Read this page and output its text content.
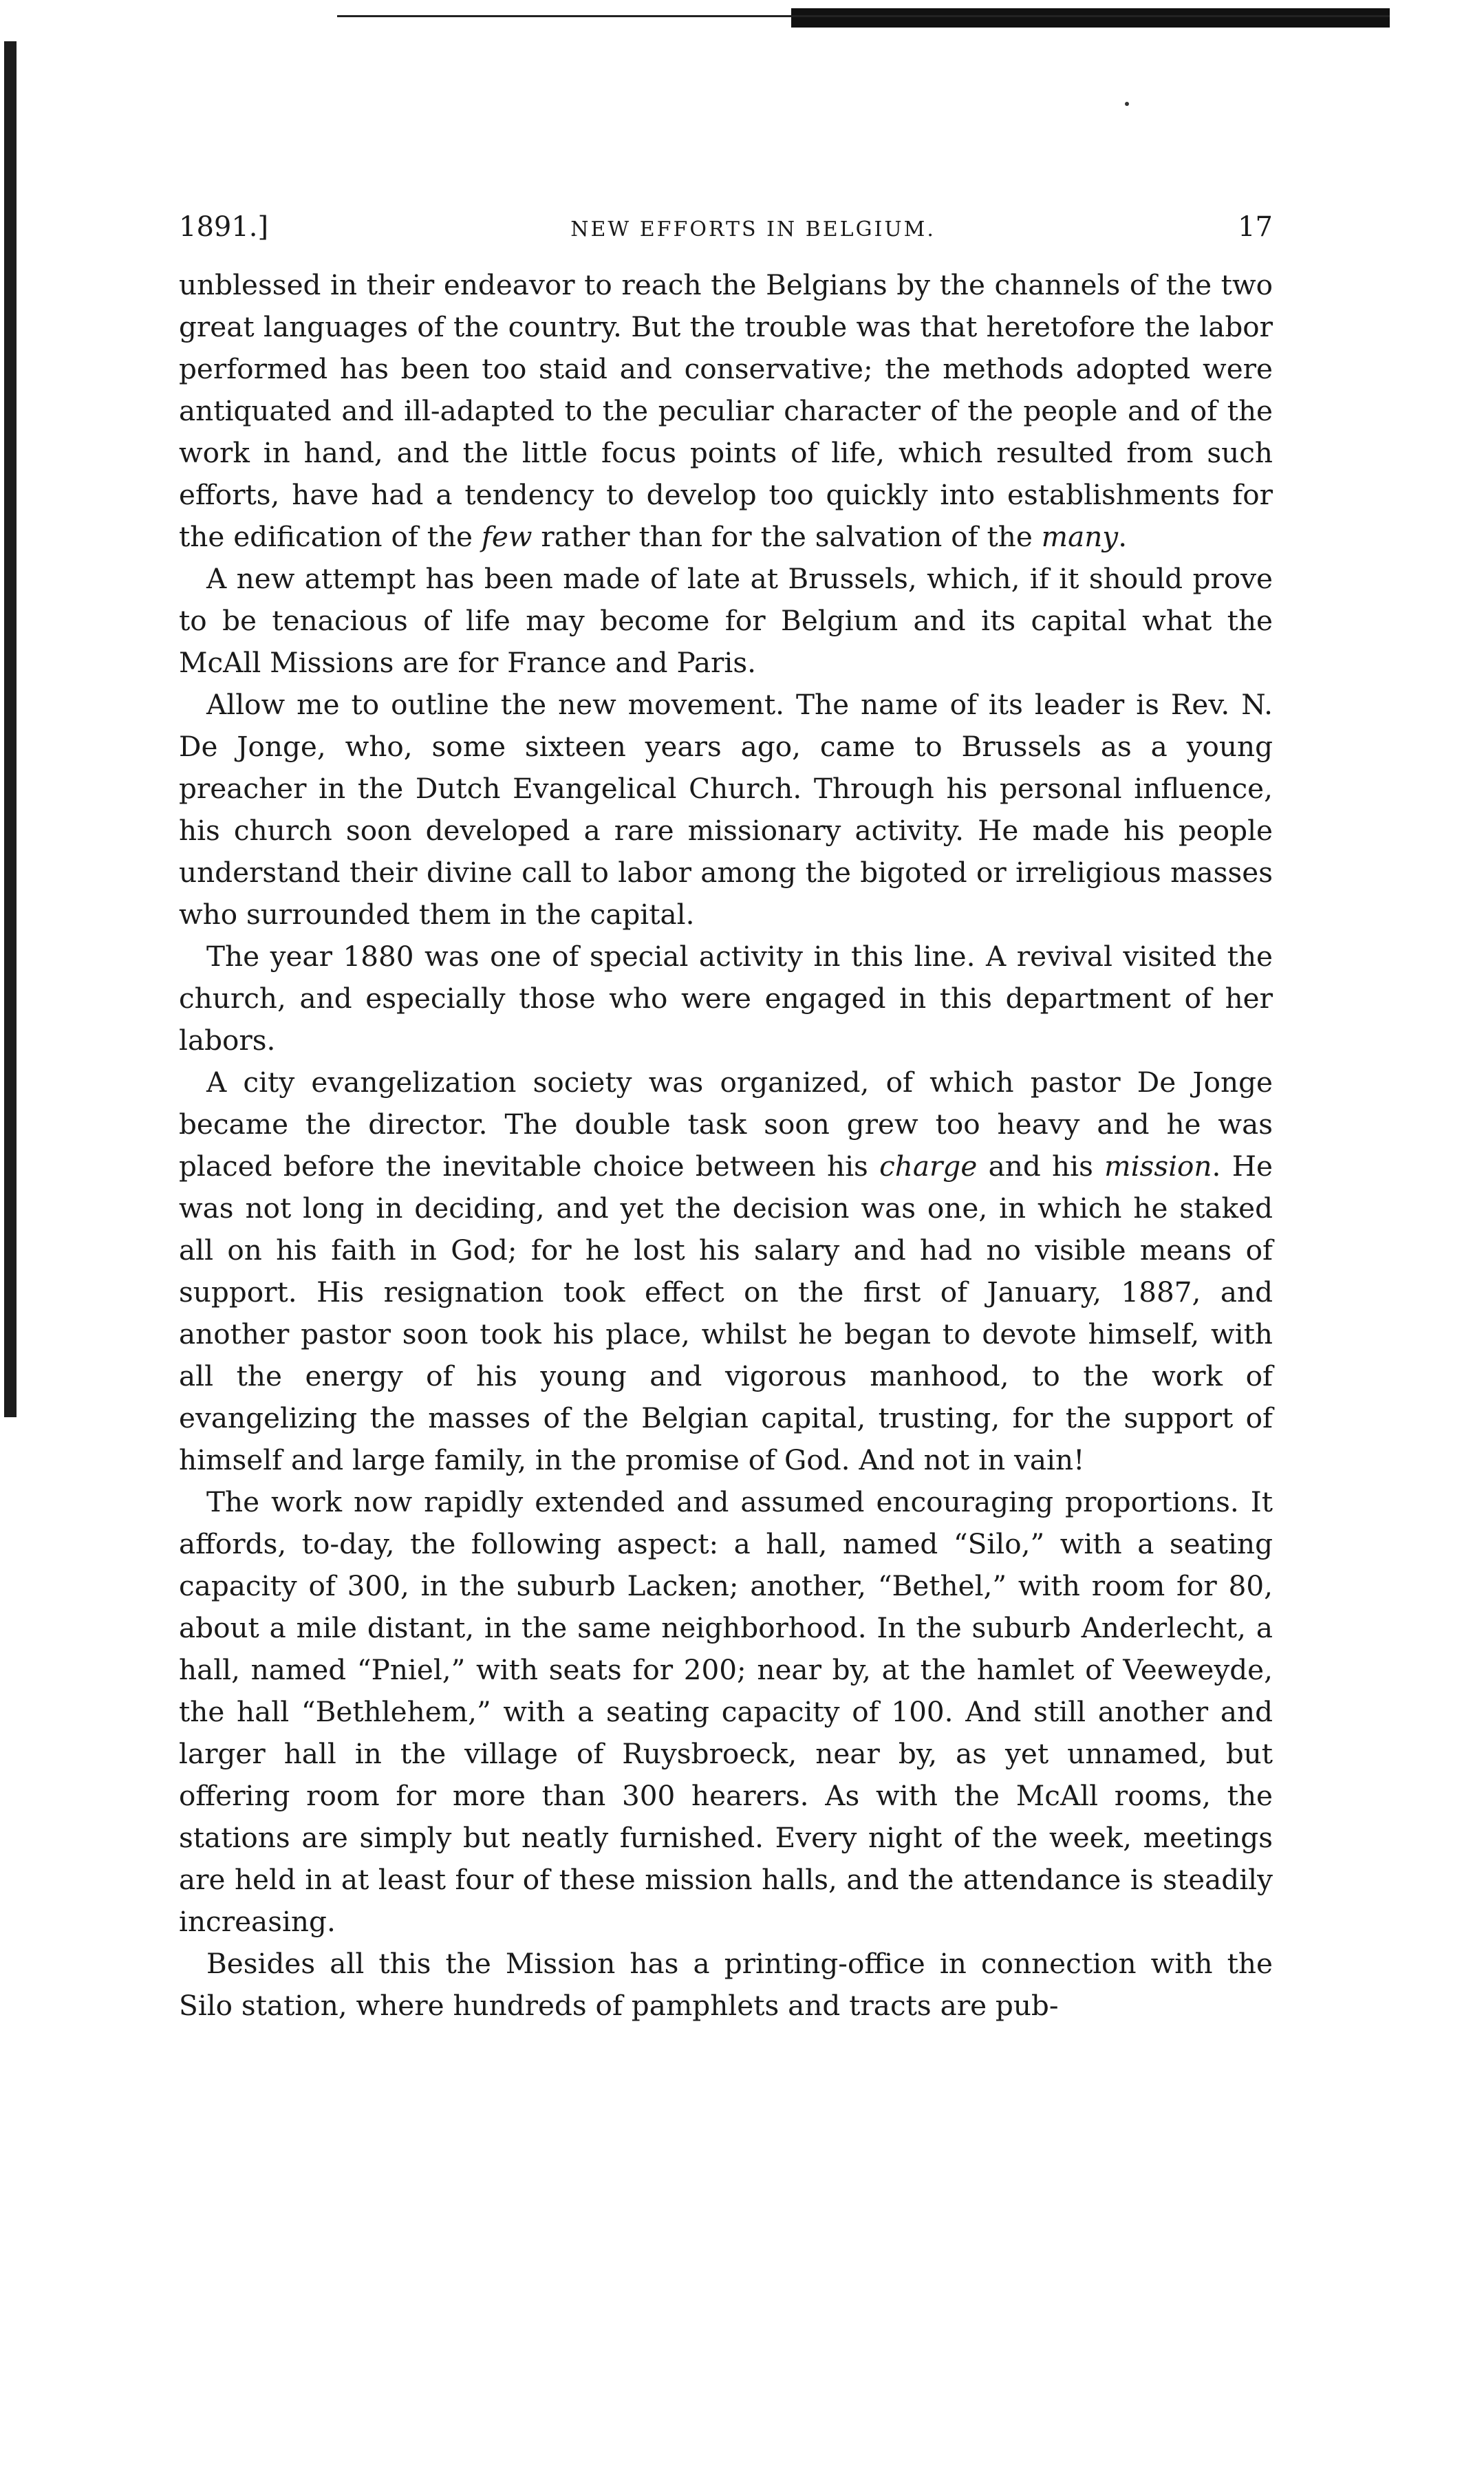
1891.]	NEW EFFORTS IN BELGIUM.	17

unblessed in their endeavor to reach the Belgians by the channels of the two great languages of the country. But the trouble was that heretofore the labor performed has been too staid and conservative; the methods adopted were antiquated and ill-adapted to the peculiar character of the people and of the work in hand, and the little focus points of life, which resulted from such efforts, have had a tendency to develop too quickly into establishments for the edification of the few rather than for the salvation of the many.

A new attempt has been made of late at Brussels, which, if it should prove to be tenacious of life may become for Belgium and its capital what the McAll Missions are for France and Paris.

Allow me to outline the new movement. The name of its leader is Rev. N. De Jonge, who, some sixteen years ago, came to Brussels as a young preacher in the Dutch Evangelical Church. Through his personal influence, his church soon developed a rare missionary activity. He made his people understand their divine call to labor among the bigoted or irreligious masses who surrounded them in the capital.

The year 1880 was one of special activity in this line. A revival visited the church, and especially those who were engaged in this department of her labors.

A city evangelization society was organized, of which pastor De Jonge became the director. The double task soon grew too heavy and he was placed before the inevitable choice between his charge and his mission. He was not long in deciding, and yet the decision was one, in which he staked all on his faith in God; for he lost his salary and had no visible means of support. His resignation took effect on the first of January, 1887, and another pastor soon took his place, whilst he began to devote himself, with all the energy of his young and vigorous manhood, to the work of evangelizing the masses of the Belgian capital, trusting, for the support of himself and large family, in the promise of God. And not in vain!

The work now rapidly extended and assumed encouraging proportions. It affords, to-day, the following aspect: a hall, named “Silo,” with a seating capacity of 300, in the suburb Lacken; another, “Bethel,” with room for 80, about a mile distant, in the same neighborhood. In the suburb Anderlecht, a hall, named “Pniel,” with seats for 200; near by, at the hamlet of Veeweyde, the hall “Bethlehem,” with a seating capacity of 100. And still another and larger hall in the village of Ruysbroeck, near by, as yet unnamed, but offering room for more than 300 hearers. As with the McAll rooms, the stations are simply but neatly furnished. Every night of the week, meetings are held in at least four of these mission halls, and the attendance is steadily increasing.

Besides all this the Mission has a printing-office in connection with the Silo station, where hundreds of pamphlets and tracts are pub-
